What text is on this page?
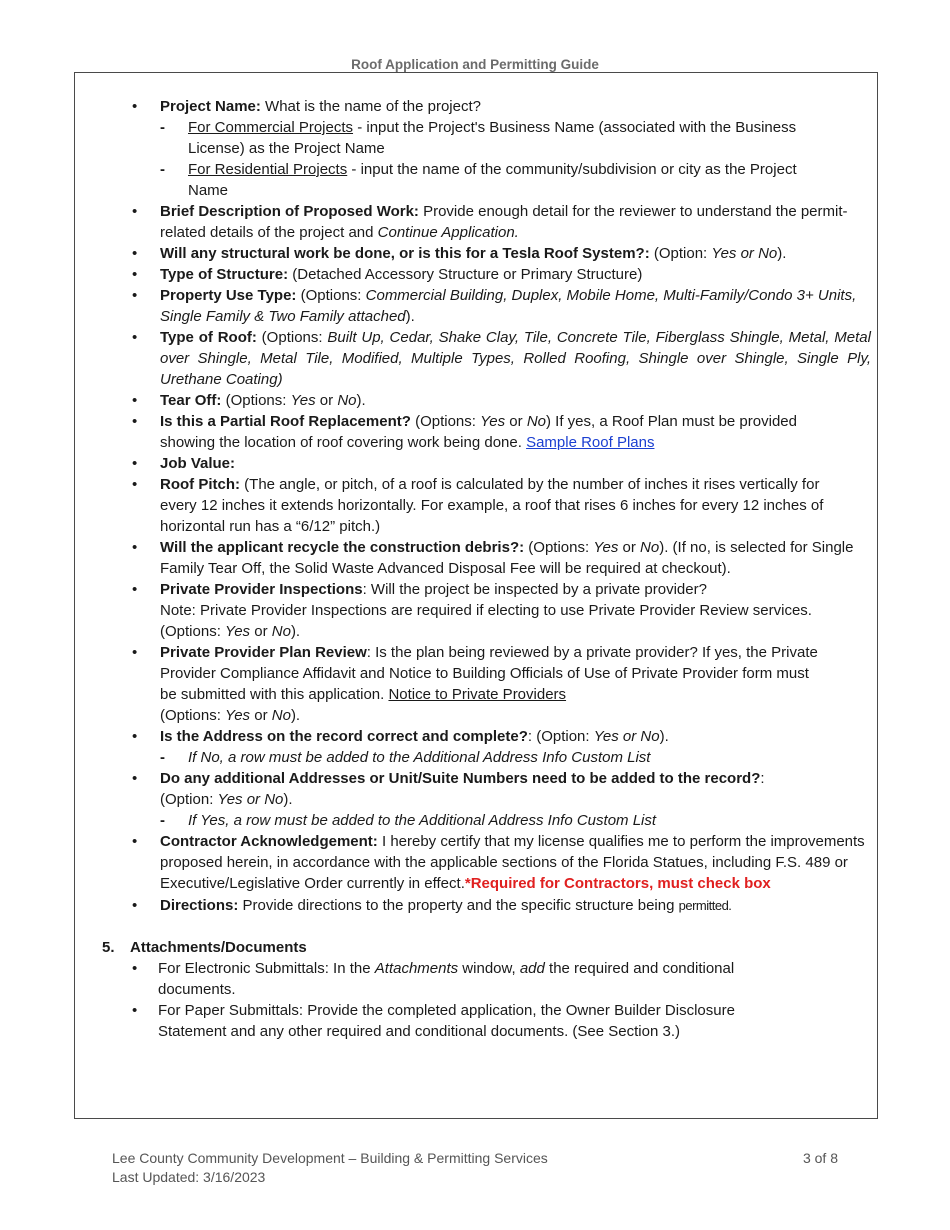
Roof Application and Permitting Guide

• Project Name: What is the name of the project?

- For Commercial Projects - input the Project's Business Name (associated with the Business License) as the Project Name

- For Residential Projects - input the name of the community/subdivision or city as the Project Name

• Brief Description of Proposed Work: Provide enough detail for the reviewer to understand the permit-related details of the project and Continue Application.

• Will any structural work be done, or is this for a Tesla Roof System?: (Option: Yes or No).

• Type of Structure: (Detached Accessory Structure or Primary Structure)

• Property Use Type: (Options: Commercial Building, Duplex, Mobile Home, Multi-Family/Condo 3+ Units, Single Family & Two Family attached).

• Type of Roof: (Options: Built Up, Cedar, Shake Clay, Tile, Concrete Tile, Fiberglass Shingle, Metal, Metal over Shingle, Metal Tile, Modified, Multiple Types, Rolled Roofing, Shingle over Shingle, Single Ply, Urethane Coating)

• Tear Off: (Options: Yes or No).

• Is this a Partial Roof Replacement? (Options: Yes or No) If yes, a Roof Plan must be provided showing the location of roof covering work being done. Sample Roof Plans

• Job Value:

• Roof Pitch: (The angle, or pitch, of a roof is calculated by the number of inches it rises vertically for every 12 inches it extends horizontally. For example, a roof that rises 6 inches for every 12 inches of horizontal run has a “6/12” pitch.)

• Will the applicant recycle the construction debris?: (Options: Yes or No). (If no, is selected for Single Family Tear Off, the Solid Waste Advanced Disposal Fee will be required at checkout).

• Private Provider Inspections: Will the project be inspected by a private provider?
Note: Private Provider Inspections are required if electing to use Private Provider Review services.
(Options: Yes or No).

• Private Provider Plan Review: Is the plan being reviewed by a private provider? If yes, the Private Provider Compliance Affidavit and Notice to Building Officials of Use of Private Provider form must be submitted with this application. Notice to Private Providers
(Options: Yes or No).

• Is the Address on the record correct and complete?: (Option: Yes or No).

- If No, a row must be added to the Additional Address Info Custom List

• Do any additional Addresses or Unit/Suite Numbers need to be added to the record?:
(Option: Yes or No).

- If Yes, a row must be added to the Additional Address Info Custom List

• Contractor Acknowledgement: I hereby certify that my license qualifies me to perform the improvements proposed herein, in accordance with the applicable sections of the Florida Statues, including F.S. 489 or Executive/Legislative Order currently in effect.*Required for Contractors, must check box

• Directions: Provide directions to the property and the specific structure being permitted.

5. Attachments/Documents

• For Electronic Submittals: In the Attachments window, add the required and conditional documents.

• For Paper Submittals: Provide the completed application, the Owner Builder Disclosure Statement and any other required and conditional documents. (See Section 3.)

Lee County Community Development – Building & Permitting Services	3 of 8
Last Updated: 3/16/2023
